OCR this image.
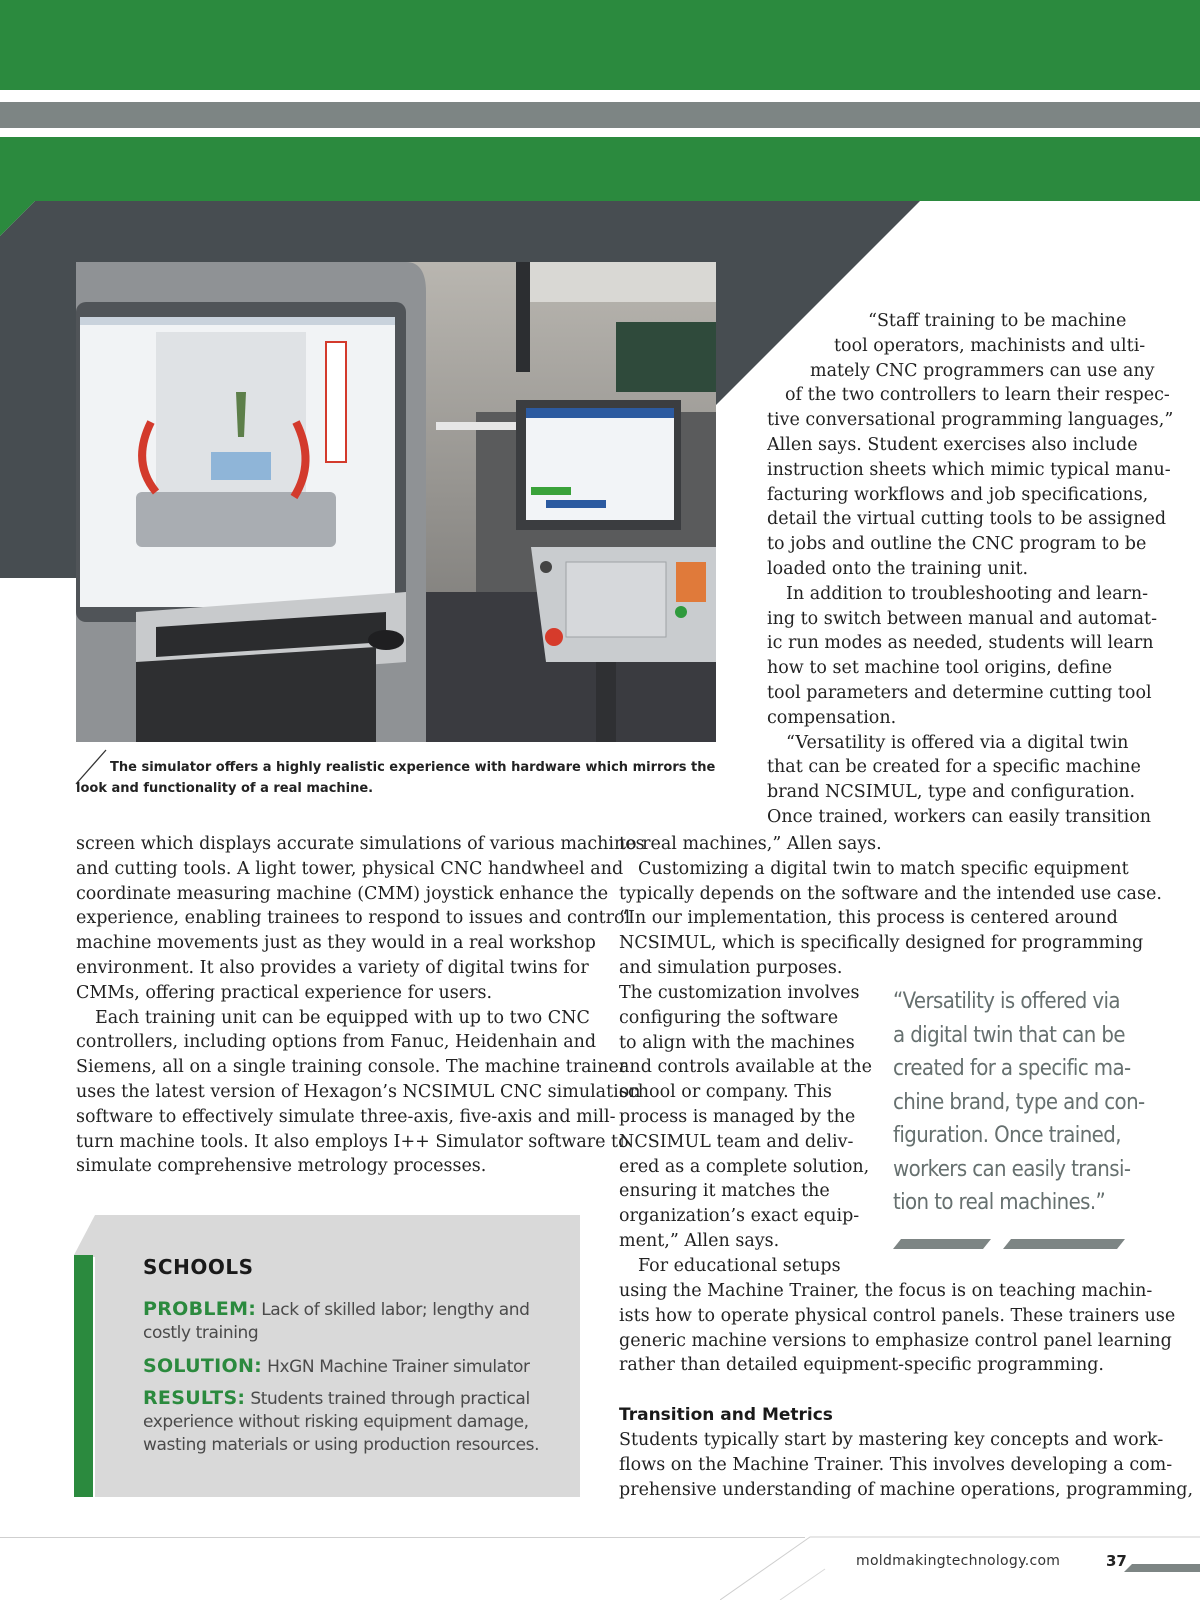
The simulator offers a highly realistic experience with hardware which mirrors the look and functionality of a real machine.
“Staff training to be machine
tool operators, machinists and ulti-
mately CNC programmers can use any
of the two controllers to learn their respec-
tive conversational programming languages,”
Allen says. Student exercises also include
instruction sheets which mimic typical manu-
facturing workflows and job specifications,
detail the virtual cutting tools to be assigned
to jobs and outline the CNC program to be
loaded onto the training unit.
In addition to troubleshooting and learn-
ing to switch between manual and automat-
ic run modes as needed, students will learn
how to set machine tool origins, define
tool parameters and determine cutting tool
compensation.
“Versatility is offered via a digital twin
that can be created for a specific machine
brand NCSIMUL, type and configuration.
Once trained, workers can easily transition
screen which displays accurate simulations of various machines
and cutting tools. A light tower, physical CNC handwheel and
coordinate measuring machine (CMM) joystick enhance the
experience, enabling trainees to respond to issues and control
machine movements just as they would in a real workshop
environment. It also provides a variety of digital twins for
CMMs, offering practical experience for users.
Each training unit can be equipped with up to two CNC
controllers, including options from Fanuc, Heidenhain and
Siemens, all on a single training console. The machine trainer
uses the latest version of Hexagon’s NCSIMUL CNC simulation
software to effectively simulate three-axis, five-axis and mill-
turn machine tools. It also employs I++ Simulator software to
simulate comprehensive metrology processes.
to real machines,” Allen says.
Customizing a digital twin to match specific equipment
typically depends on the software and the intended use case.
“In our implementation, this process is centered around
NCSIMUL, which is specifically designed for programming
and simulation purposes.
The customization involves
configuring the software
to align with the machines
and controls available at the
school or company. This
process is managed by the
NCSIMUL team and deliv-
ered as a complete solution,
ensuring it matches the
organization’s exact equip-
ment,” Allen says.
For educational setups
using the Machine Trainer, the focus is on teaching machin-
ists how to operate physical control panels. These trainers use
generic machine versions to emphasize control panel learning
rather than detailed equipment-specific programming.
Transition and Metrics
Students typically start by mastering key concepts and work-
flows on the Machine Trainer. This involves developing a com-
prehensive understanding of machine operations, programming,
“Versatility is offered via
a digital twin that can be
created for a specific ma-
chine brand, type and con-
figuration. Once trained,
workers can easily transi-
tion to real machines.”
SCHOOLS
PROBLEM: Lack of skilled labor; lengthy and costly training
SOLUTION: HxGN Machine Trainer simulator
RESULTS: Students trained through practical experience without risking equipment damage, wasting materials or using production resources.
moldmakingtechnology.com	37
